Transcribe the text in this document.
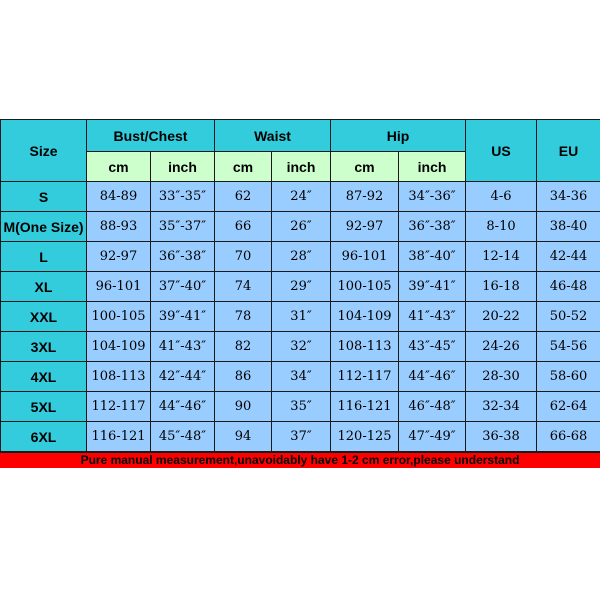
Size	Bust/Chest		Waist		Hip		US	EU
	cm	inch	cm	inch	cm	inch		
S	84-89	33″-35″	62	24″	87-92	34″-36″	4-6	34-36
M(One Size)	88-93	35″-37″	66	26″	92-97	36″-38″	8-10	38-40
L	92-97	36″-38″	70	28″	96-101	38″-40″	12-14	42-44
XL	96-101	37″-40″	74	29″	100-105	39″-41″	16-18	46-48
XXL	100-105	39″-41″	78	31″	104-109	41″-43″	20-22	50-52
3XL	104-109	41″-43″	82	32″	108-113	43″-45″	24-26	54-56
4XL	108-113	42″-44″	86	34″	112-117	44″-46″	28-30	58-60
5XL	112-117	44″-46″	90	35″	116-121	46″-48″	32-34	62-64
6XL	116-121	45″-48″	94	37″	120-125	47″-49″	36-38	66-68
Pure manual measurement,unavoidably have 1-2 cm error,please understand
